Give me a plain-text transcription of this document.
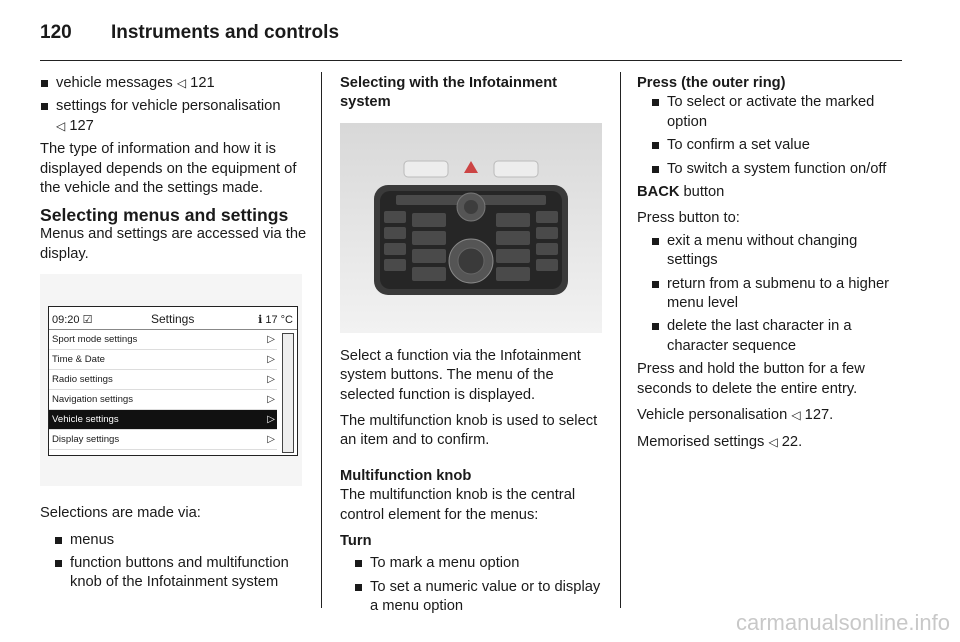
120 Instruments and controls
vehicle messages ◁ 121
settings for vehicle personalisation
◁ 127

The type of information and how it is displayed depends on the equipment of the vehicle and the settings made.

Selecting menus and settings

Menus and settings are accessed via the display.

09:20 ☑	Settings	ℹ 17 °C
Sport mode settings	▷
Time & Date	▷
Radio settings	▷
Navigation settings	▷
Vehicle settings	▷
Display settings	▷

Selections are made via:

menus
function buttons and multifunction knob of the Infotainment system
Selecting with the Infotainment system

Select a function via the Infotainment system buttons. The menu of the selected function is displayed.

The multifunction knob is used to select an item and to confirm.

Multifunction knob

The multifunction knob is the central control element for the menus:

Turn
To mark a menu option
To set a numeric value or to display a menu option
Press (the outer ring)
To select or activate the marked option
To confirm a set value
To switch a system function on/off

BACK button

Press button to:

exit a menu without changing settings
return from a submenu to a higher menu level
delete the last character in a character sequence

Press and hold the button for a few seconds to delete the entire entry.

Vehicle personalisation ◁ 127.

Memorised settings ◁ 22.

carmanualsonline.info
